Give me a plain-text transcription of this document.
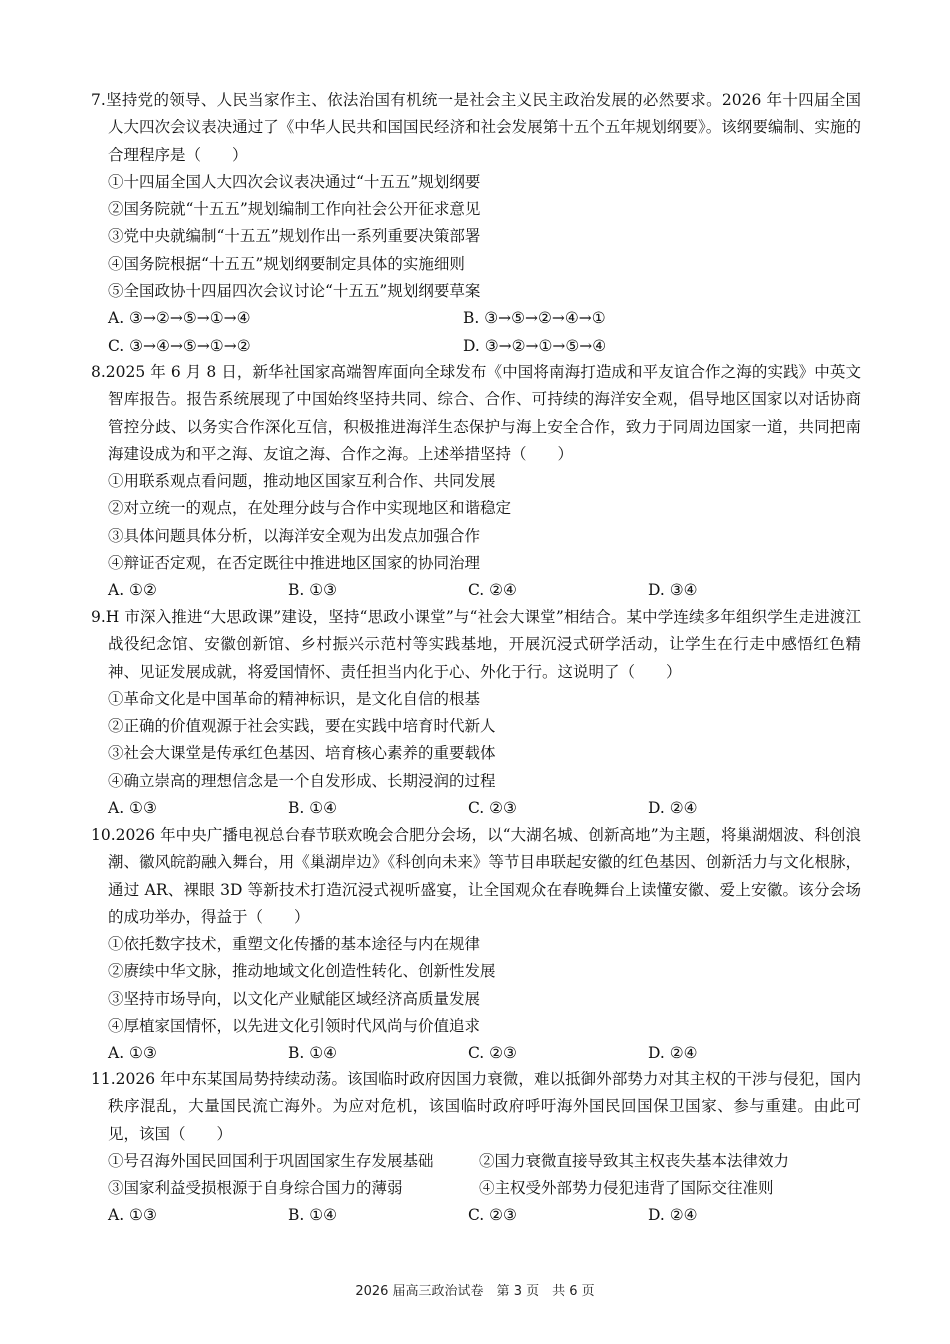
7.坚持党的领导、人民当家作主、依法治国有机统一是社会主义民主政治发展的必然要求。2026 年十四届全国人大四次会议表决通过了《中华人民共和国国民经济和社会发展第十五个五年规划纲要》。该纲要编制、实施的合理程序是（　　）

①十四届全国人大四次会议表决通过“十五五”规划纲要

②国务院就“十五五”规划编制工作向社会公开征求意见

③党中央就编制“十五五”规划作出一系列重要决策部署

④国务院根据“十五五”规划纲要制定具体的实施细则

⑤全国政协十四届四次会议讨论“十五五”规划纲要草案

A. ③→②→⑤→①→④	B. ③→⑤→②→④→①
C. ③→④→⑤→①→②	D. ③→②→①→⑤→④

8.2025 年 6 月 8 日，新华社国家高端智库面向全球发布《中国将南海打造成和平友谊合作之海的实践》中英文智库报告。报告系统展现了中国始终坚持共同、综合、合作、可持续的海洋安全观，倡导地区国家以对话协商管控分歧、以务实合作深化互信，积极推进海洋生态保护与海上安全合作，致力于同周边国家一道，共同把南海建设成为和平之海、友谊之海、合作之海。上述举措坚持（　　）

①用联系观点看问题，推动地区国家互利合作、共同发展

②对立统一的观点，在处理分歧与合作中实现地区和谐稳定

③具体问题具体分析，以海洋安全观为出发点加强合作

④辩证否定观，在否定既往中推进地区国家的协同治理

A. ①②	B. ①③	C. ②④	D. ③④

9.H 市深入推进“大思政课”建设，坚持“思政小课堂”与“社会大课堂”相结合。某中学连续多年组织学生走进渡江战役纪念馆、安徽创新馆、乡村振兴示范村等实践基地，开展沉浸式研学活动，让学生在行走中感悟红色精神、见证发展成就，将爱国情怀、责任担当内化于心、外化于行。这说明了（　　）

①革命文化是中国革命的精神标识，是文化自信的根基

②正确的价值观源于社会实践，要在实践中培育时代新人

③社会大课堂是传承红色基因、培育核心素养的重要载体

④确立崇高的理想信念是一个自发形成、长期浸润的过程

A. ①③	B. ①④	C. ②③	D. ②④

10.2026 年中央广播电视总台春节联欢晚会合肥分会场，以“大湖名城、创新高地”为主题，将巢湖烟波、科创浪潮、徽风皖韵融入舞台，用《巢湖岸边》《科创向未来》等节目串联起安徽的红色基因、创新活力与文化根脉，通过 AR、裸眼 3D 等新技术打造沉浸式视听盛宴，让全国观众在春晚舞台上读懂安徽、爱上安徽。该分会场的成功举办，得益于（　　）

①依托数字技术，重塑文化传播的基本途径与内在规律

②赓续中华文脉，推动地域文化创造性转化、创新性发展

③坚持市场导向，以文化产业赋能区域经济高质量发展

④厚植家国情怀，以先进文化引领时代风尚与价值追求

A. ①③	B. ①④	C. ②③	D. ②④

11.2026 年中东某国局势持续动荡。该国临时政府因国力衰微，难以抵御外部势力对其主权的干涉与侵犯，国内秩序混乱，大量国民流亡海外。为应对危机，该国临时政府呼吁海外国民回国保卫国家、参与重建。由此可见，该国（　　）

①号召海外国民回国利于巩固国家生存发展基础	②国力衰微直接导致其主权丧失基本法律效力
③国家利益受损根源于自身综合国力的薄弱	④主权受外部势力侵犯违背了国际交往准则
A. ①③	B. ①④	C. ②③	D. ②④
2026 届高三政治试卷　第 3 页　共 6 页
